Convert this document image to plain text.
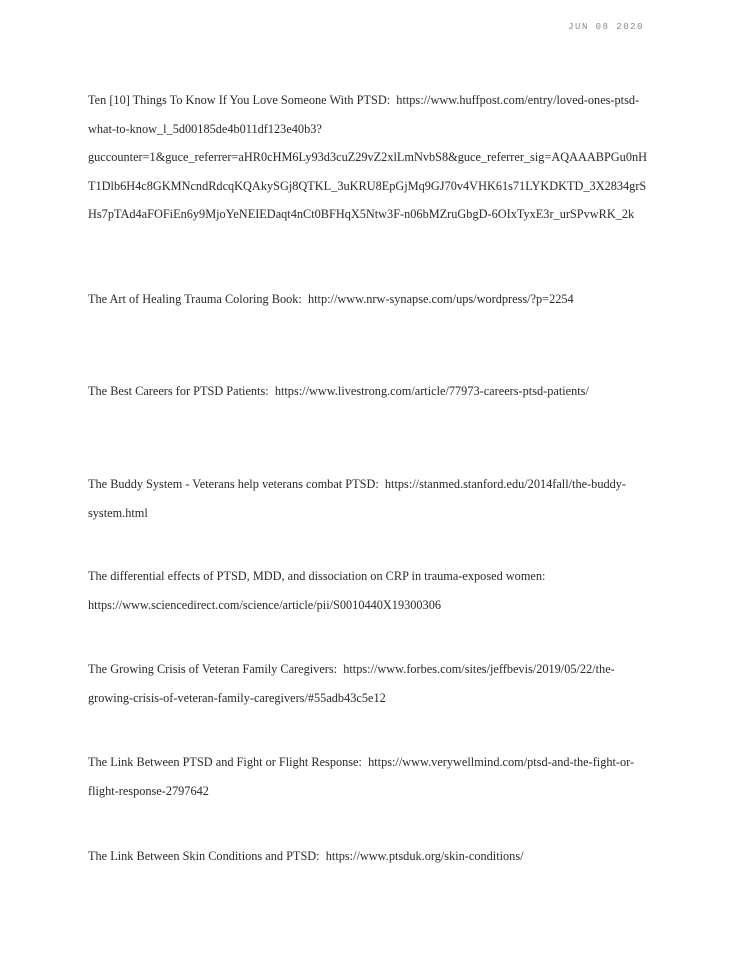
JUN 08 2020

Ten [10] Things To Know If You Love Someone With PTSD: https://www.huffpost.com/entry/loved-ones-ptsd-what-to-know_l_5d00185de4b011df123e40b3?guccounter=1&guce_referrer=aHR0cHM6Ly93d3cuZ29vZ2xlLmNvbS8&guce_referrer_sig=AQAAABPGu0nHT1Dlb6H4c8GKMNcndRdcqKQAkySGj8QTKL_3uKRU8EpGjMq9GJ70v4VHK61s71LYKDKTD_3X2834grSHs7pTAd4aFOFiEn6y9MjoYeNEIEDaqt4nCt0BFHqX5Ntw3F-n06bMZruGbgD-6OIxTyxE3r_urSPvwRK_2k

The Art of Healing Trauma Coloring Book: http://www.nrw-synapse.com/ups/wordpress/?p=2254

The Best Careers for PTSD Patients: https://www.livestrong.com/article/77973-careers-ptsd-patients/

The Buddy System - Veterans help veterans combat PTSD: https://stanmed.stanford.edu/2014fall/the-buddy-system.html

The differential effects of PTSD, MDD, and dissociation on CRP in trauma-exposed women:  https://www.sciencedirect.com/science/article/pii/S0010440X19300306

The Growing Crisis of Veteran Family Caregivers: https://www.forbes.com/sites/jeffbevis/2019/05/22/the-growing-crisis-of-veteran-family-caregivers/#55adb43c5e12

The Link Between PTSD and Fight or Flight Response: https://www.verywellmind.com/ptsd-and-the-fight-or-flight-response-2797642

The Link Between Skin Conditions and PTSD: https://www.ptsduk.org/skin-conditions/
